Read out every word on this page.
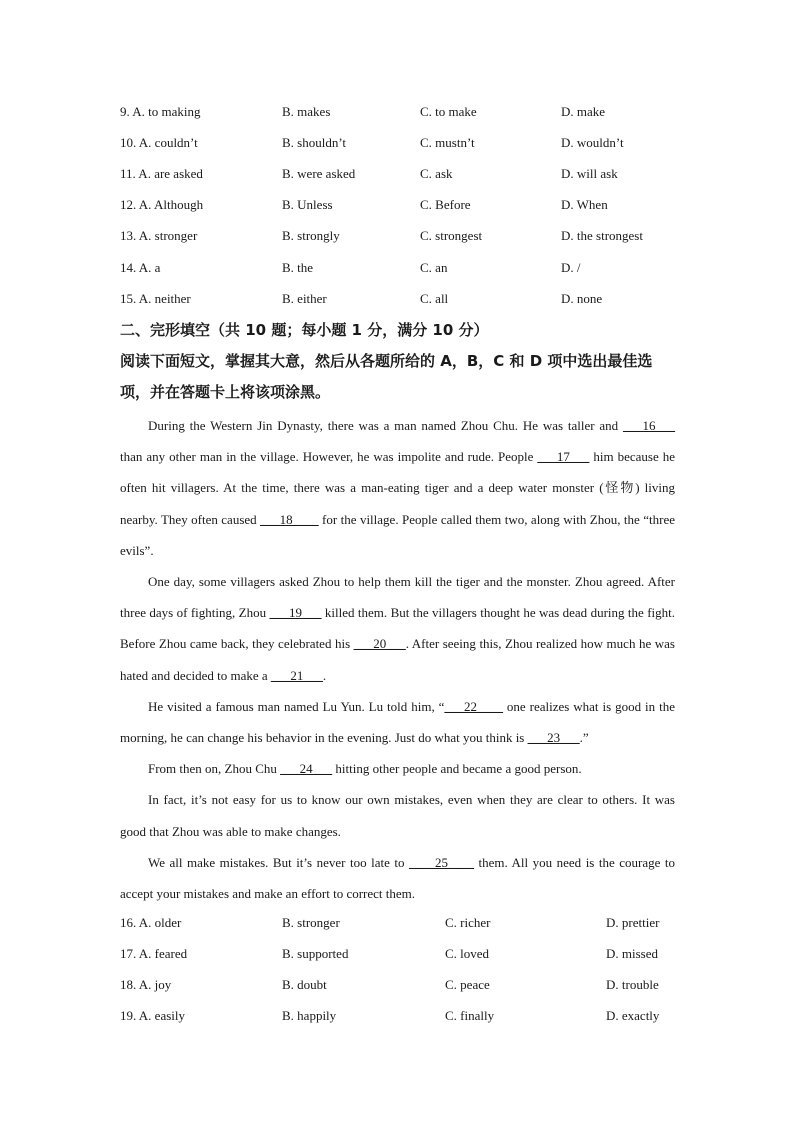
9. A. to making	B. makes	C. to make	D. make
10. A. couldn’t	B. shouldn’t	C. mustn’t	D. wouldn’t
11. A. are asked	B. were asked	C. ask	D. will ask
12. A. Although	B. Unless	C. Before	D. When
13. A. stronger	B. strongly	C. strongest	D. the strongest
14. A. a	B. the	C. an	D. /
15. A. neither	B. either	C. all	D. none
二、完形填空（共 10 题；每小题 1 分，满分 10 分）
阅读下面短文，掌握其大意，然后从各题所给的 A，B，C 和 D 项中选出最佳选项，并在答题卡上将该项涂黑。

During the Western Jin Dynasty, there was a man named Zhou Chu. He was taller and ___16___ than any other man in the village. However, he was impolite and rude. People ___17___ him because he often hit villagers. At the time, there was a man-eating tiger and a deep water monster (怪物) living nearby. They often caused ___18____ for the village. People called them two, along with Zhou, the “three evils”.

One day, some villagers asked Zhou to help them kill the tiger and the monster. Zhou agreed. After three days of fighting, Zhou ___19___ killed them. But the villagers thought he was dead during the fight. Before Zhou came back, they celebrated his ___20___. After seeing this, Zhou realized how much he was hated and decided to make a ___21___.

He visited a famous man named Lu Yun. Lu told him, “___22____ one realizes what is good in the morning, he can change his behavior in the evening. Just do what you think is ___23___.”

From then on, Zhou Chu ___24___ hitting other people and became a good person.

In fact, it’s not easy for us to know our own mistakes, even when they are clear to others. It was good that Zhou was able to make changes.

We all make mistakes. But it’s never too late to ____25____ them. All you need is the courage to accept your mistakes and make an effort to correct them.

16. A. older	B. stronger	C. richer	D. prettier
17. A. feared	B. supported	C. loved	D. missed
18. A. joy	B. doubt	C. peace	D. trouble
19. A. easily	B. happily	C. finally	D. exactly
